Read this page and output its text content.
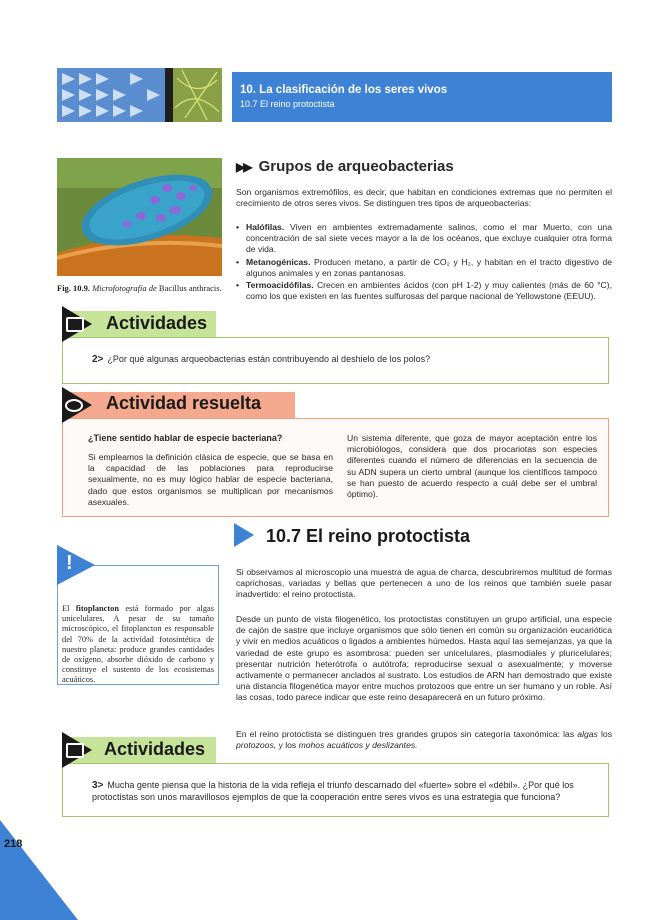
10. La clasificación de los seres vivos
10.7 El reino protoctista
Fig. 10.9. Microfotografía de Bacillus anthracis.
▶▶ Grupos de arqueobacterias
Son organismos extremófilos, es decir, que habitan en condiciones extremas que no permiten el crecimiento de otros seres vivos. Se distinguen tres tipos de arqueobacterias:
• Halófilas. Viven en ambientes extremadamente salinos, como el mar Muerto, con una concentración de sal siete veces mayor a la de los océanos, que excluye cualquier otra forma de vida.
• Metanogénicas. Producen metano, a partir de CO₂ y H₂, y habitan en el tracto digestivo de algunos animales y en zonas pantanosas.
• Termoacidófilas. Crecen en ambientes ácidos (con pH 1-2) y muy calientes (más de 60 °C), como los que existen en las fuentes sulfurosas del parque nacional de Yellowstone (EEUU).
Actividades
2> ¿Por qué algunas arqueobacterias están contribuyendo al deshielo de los polos?
Actividad resuelta
¿Tiene sentido hablar de especie bacteriana?
Si empleamos la definición clásica de especie, que se basa en la capacidad de las poblaciones para reproducirse sexualmente, no es muy lógico hablar de especie bacteriana, dado que estos organismos se multiplican por mecanismos asexuales.
Un sistema diferente, que goza de mayor aceptación entre los microbiólogos, considera que dos procariotas son especies diferentes cuando el número de diferencias en la secuencia de su ADN supera un cierto umbral (aunque los científicos tampoco se han puesto de acuerdo respecto a cuál debe ser el umbral óptimo).
10.7 El reino protoctista
!
El fitoplancton está formado por algas unicelulares. A pesar de su tamaño microscópico, el fitoplancton es responsable del 70% de la actividad fotosintética de nuestro planeta: produce grandes cantidades de oxígeno, absorbe dióxido de carbono y constituye el sustento de los ecosistemas acuáticos.
Si observamos al microscopio una muestra de agua de charca, descubriremos multitud de formas caprichosas, variadas y bellas que pertenecen a uno de los reinos que también suele pasar inadvertido: el reino protoctista.
Desde un punto de vista filogenético, los protoctistas constituyen un grupo artificial, una especie de cajón de sastre que incluye organismos que sólo tienen en común su organización eucariótica y vivir en medios acuáticos o ligados a ambientes húmedos. Hasta aquí las semejanzas, ya que la variedad de este grupo es asombrosa: pueden ser unicelulares, plasmodiales y pluricelulares; presentar nutrición heterótrofa o autótrofa; reproducirse sexual o asexualmente; y moverse activamente o permanecer anclados al sustrato. Los estudios de ARN han demostrado que existe una distancia filogenética mayor entre muchos protozoos que entre un ser humano y un roble. Así las cosas, todo parece indicar que este reino desaparecerá en un futuro próximo.
En el reino protoctista se distinguen tres grandes grupos sin categoría taxonómica: las algas los protozoos, y los mohos acuáticos y deslizantes.
Actividades
3> Mucha gente piensa que la historia de la vida refleja el triunfo descarnado del «fuerte» sobre el «débil». ¿Por qué los protoctistas son unos maravillosos ejemplos de que la cooperación entre seres vivos es una estrategia que funciona?
218
